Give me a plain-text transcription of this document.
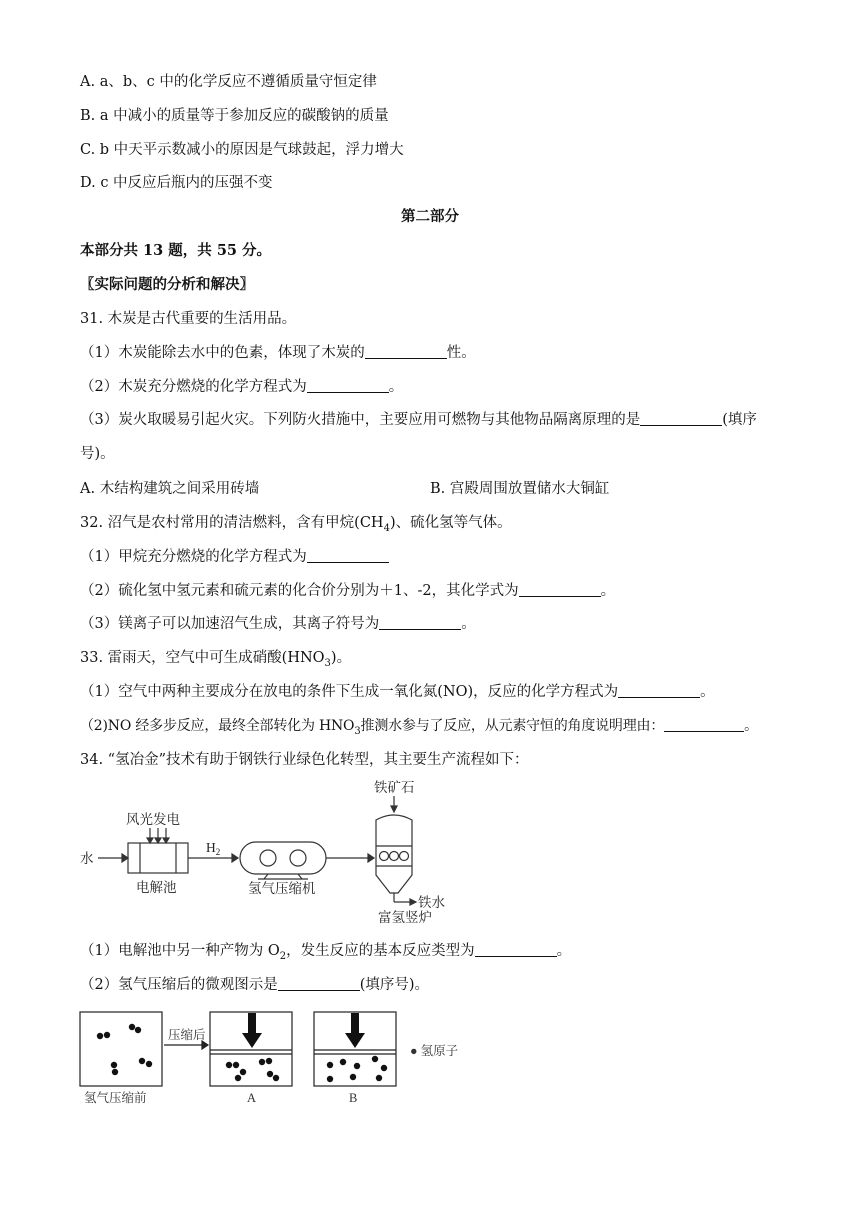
A. a、b、c 中的化学反应不遵循质量守恒定律
B. a 中减小的质量等于参加反应的碳酸钠的质量
C. b 中天平示数减小的原因是气球鼓起，浮力增大
D. c 中反应后瓶内的压强不变
第二部分
本部分共 13 题，共 55 分。
〖实际问题的分析和解决〗
31. 木炭是古代重要的生活用品。
（1）木炭能除去水中的色素，体现了木炭的	性。
（2）木炭充分燃烧的化学方程式为	。
（3）炭火取暖易引起火灾。下列防火措施中，主要应用可燃物与其他物品隔离原理的是	(填序
号)。
A. 木结构建筑之间采用砖墙	B. 宫殿周围放置储水大铜缸
32. 沼气是农村常用的清洁燃料，含有甲烷$(CH_4)$、硫化氢等气体。
（1）甲烷充分燃烧的化学方程式为
（2）硫化氢中氢元素和硫元素的化合价分别为＋1、-2，其化学式为	。
（3）镁离子可以加速沼气生成，其离子符号为	。
33. 雷雨天，空气中可生成硝酸$(HNO_3)$。
（1）空气中两种主要成分在放电的条件下生成一氧化氮(NO)，反应的化学方程式为	。
（2)NO 经多步反应，最终全部转化为 $HNO_3$推测水参与了反应，从元素守恒的角度说明理由：	。
34. “氢冶金”技术有助于钢铁行业绿色化转型，其主要生产流程如下：
水
风光发电
电解池
$H_2$
氢气压缩机
铁矿石
铁水
富氢竖炉
（1）电解池中另一种产物为 $O_2$，发生反应的基本反应类型为	。
（2）氢气压缩后的微观图示是	(填序号)。
压缩后
氢气压缩前	A	B
● 氢原子
